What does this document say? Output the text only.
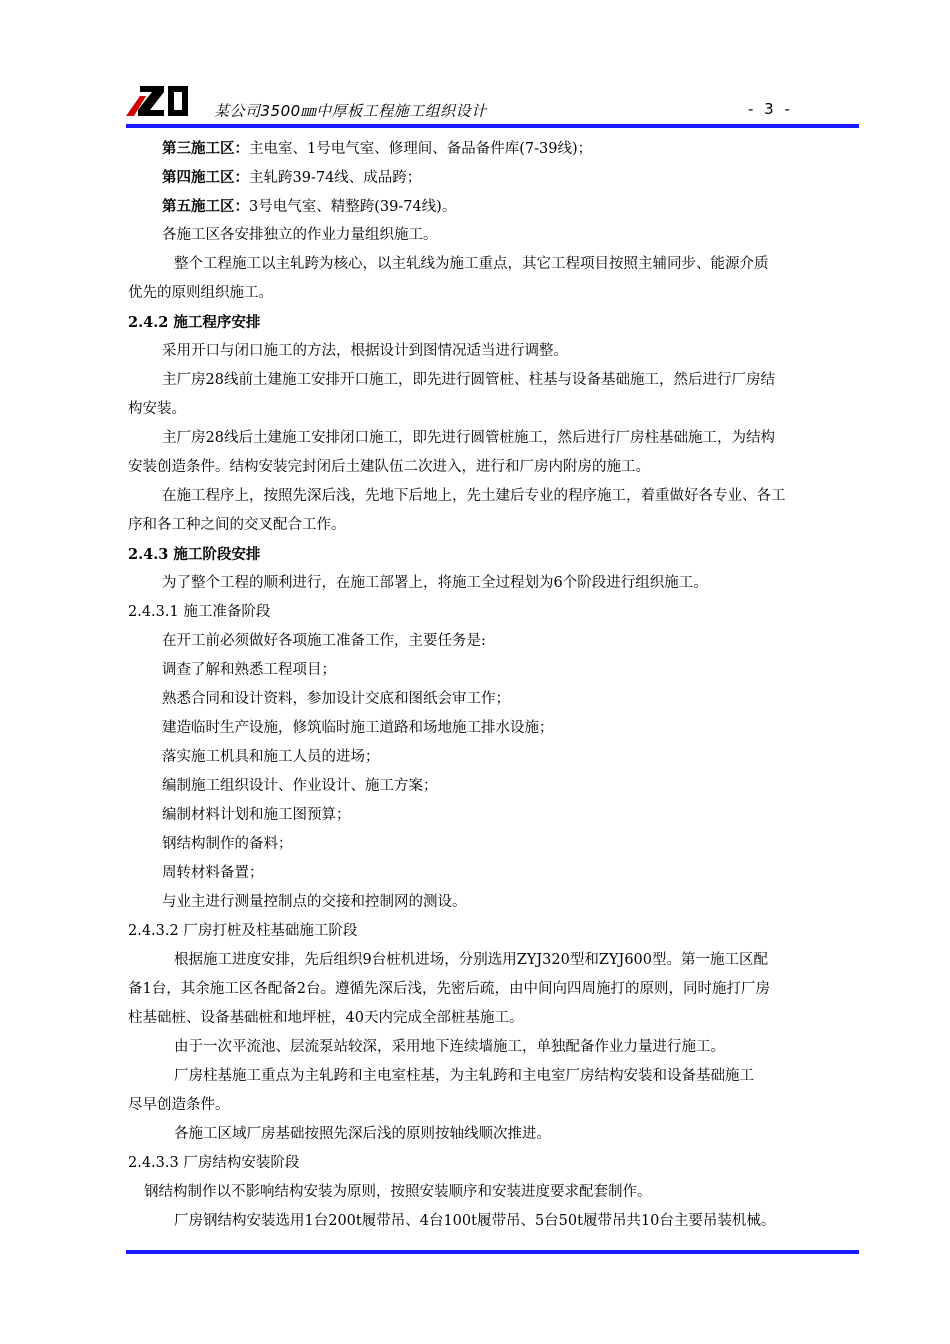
某公司3500㎜中厚板工程施工组织设计	- 3 -
第三施工区：主电室、1号电气室、修理间、备品备件库(7-39线)；
第四施工区：主轧跨39-74线、成品跨；
第五施工区：3号电气室、精整跨(39-74线)。
各施工区各安排独立的作业力量组织施工。
整个工程施工以主轧跨为核心，以主轧线为施工重点，其它工程项目按照主辅同步、能源介质
优先的原则组织施工。
2.4.2 施工程序安排
采用开口与闭口施工的方法，根据设计到图情况适当进行调整。
主厂房28线前土建施工安排开口施工，即先进行圆管桩、柱基与设备基础施工，然后进行厂房结
构安装。
主厂房28线后土建施工安排闭口施工，即先进行圆管桩施工，然后进行厂房柱基础施工，为结构
安装创造条件。结构安装完封闭后土建队伍二次进入，进行和厂房内附房的施工。
在施工程序上，按照先深后浅，先地下后地上，先土建后专业的程序施工，着重做好各专业、各工
序和各工种之间的交叉配合工作。
2.4.3 施工阶段安排
为了整个工程的顺利进行，在施工部署上，将施工全过程划为6个阶段进行组织施工。
2.4.3.1 施工准备阶段
在开工前必须做好各项施工准备工作，主要任务是:
调查了解和熟悉工程项目；
熟悉合同和设计资料，参加设计交底和图纸会审工作；
建造临时生产设施，修筑临时施工道路和场地施工排水设施；
落实施工机具和施工人员的进场；
编制施工组织设计、作业设计、施工方案；
编制材料计划和施工图预算；
钢结构制作的备料；
周转材料备置；
与业主进行测量控制点的交接和控制网的测设。
2.4.3.2 厂房打桩及柱基础施工阶段
根据施工进度安排，先后组织9台桩机进场，分别选用ZYJ320型和ZYJ600型。第一施工区配
备1台，其余施工区各配备2台。遵循先深后浅，先密后疏，由中间向四周施打的原则，同时施打厂房
柱基础桩、设备基础桩和地坪桩，40天内完成全部桩基施工。
由于一次平流池、层流泵站较深，采用地下连续墙施工，单独配备作业力量进行施工。
厂房柱基施工重点为主轧跨和主电室柱基，为主轧跨和主电室厂房结构安装和设备基础施工
尽早创造条件。
各施工区域厂房基础按照先深后浅的原则按轴线顺次推进。
2.4.3.3 厂房结构安装阶段
钢结构制作以不影响结构安装为原则，按照安装顺序和安装进度要求配套制作。
厂房钢结构安装选用1台200t履带吊、4台100t履带吊、5台50t履带吊共10台主要吊装机械。
